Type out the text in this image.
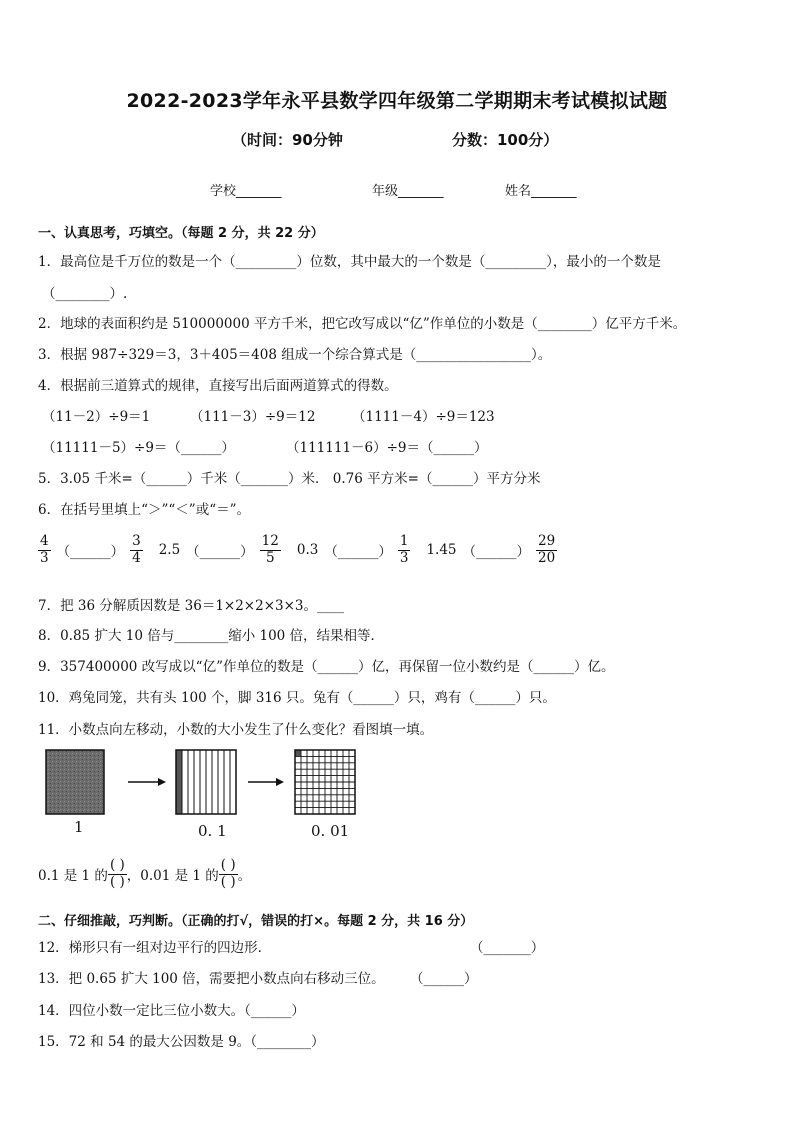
2022-2023学年永平县数学四年级第二学期期末考试模拟试题
（时间：90分钟	分数：100分）
学校_______	年级_______	姓名_______
一、认真思考，巧填空。（每题 2 分，共 22 分）
1．最高位是千万位的数是一个（_________）位数，其中最大的一个数是（_________），最小的一个数是
（________）.
2．地球的表面积约是 510000000 平方千米，把它改写成以“亿”作单位的小数是（________）亿平方千米。
3．根据 987÷329＝3，3＋405＝408 组成一个综合算式是（_________________）。
4．根据前三道算式的规律，直接写出后面两道算式的得数。
（11－2）÷9＝1	（111－3）÷9＝12	（1111－4）÷9＝123
（11111－5）÷9＝（______）	（111111－6）÷9＝（______）
5．3.05 千米=（______）千米（_______）米． 0.76 平方米=（______）平方分米
6．在括号里填上“＞”“＜”或“＝”。
$\frac{4}{3}$ （______） $\frac{3}{4} 2.5$ （______） $\frac{12}{5} 0.3$ （______） $\frac{1}{3} 1.45$ （______） $\frac{29}{20}$
7．把 36 分解质因数是 36＝1×2×2×3×3。____
8．0.85 扩大 10 倍与________缩小 100 倍，结果相等．
9．357400000 改写成以“亿”作单位的数是（______）亿，再保留一位小数约是（______）亿。
10．鸡兔同笼，共有头 100 个，脚 316 只。兔有（______）只，鸡有（______）只。
11．小数点向左移动，小数的大小发生了什么变化？看图填一填。
1	0. 1	0. 01
0.1 是 1 的 $\frac{( )}{( )}$ ，0.01 是 1 的 $\frac{( )}{( )}$ 。
二、仔细推敲，巧判断。（正确的打√，错误的打×。每题 2 分，共 16 分）
12．梯形只有一组对边平行的四边形．	（_______）
13．把 0.65 扩大 100 倍，需要把小数点向右移动三位。 （______）
14．四位小数一定比三位小数大。（______）
15．72 和 54 的最大公因数是 9。（________）
